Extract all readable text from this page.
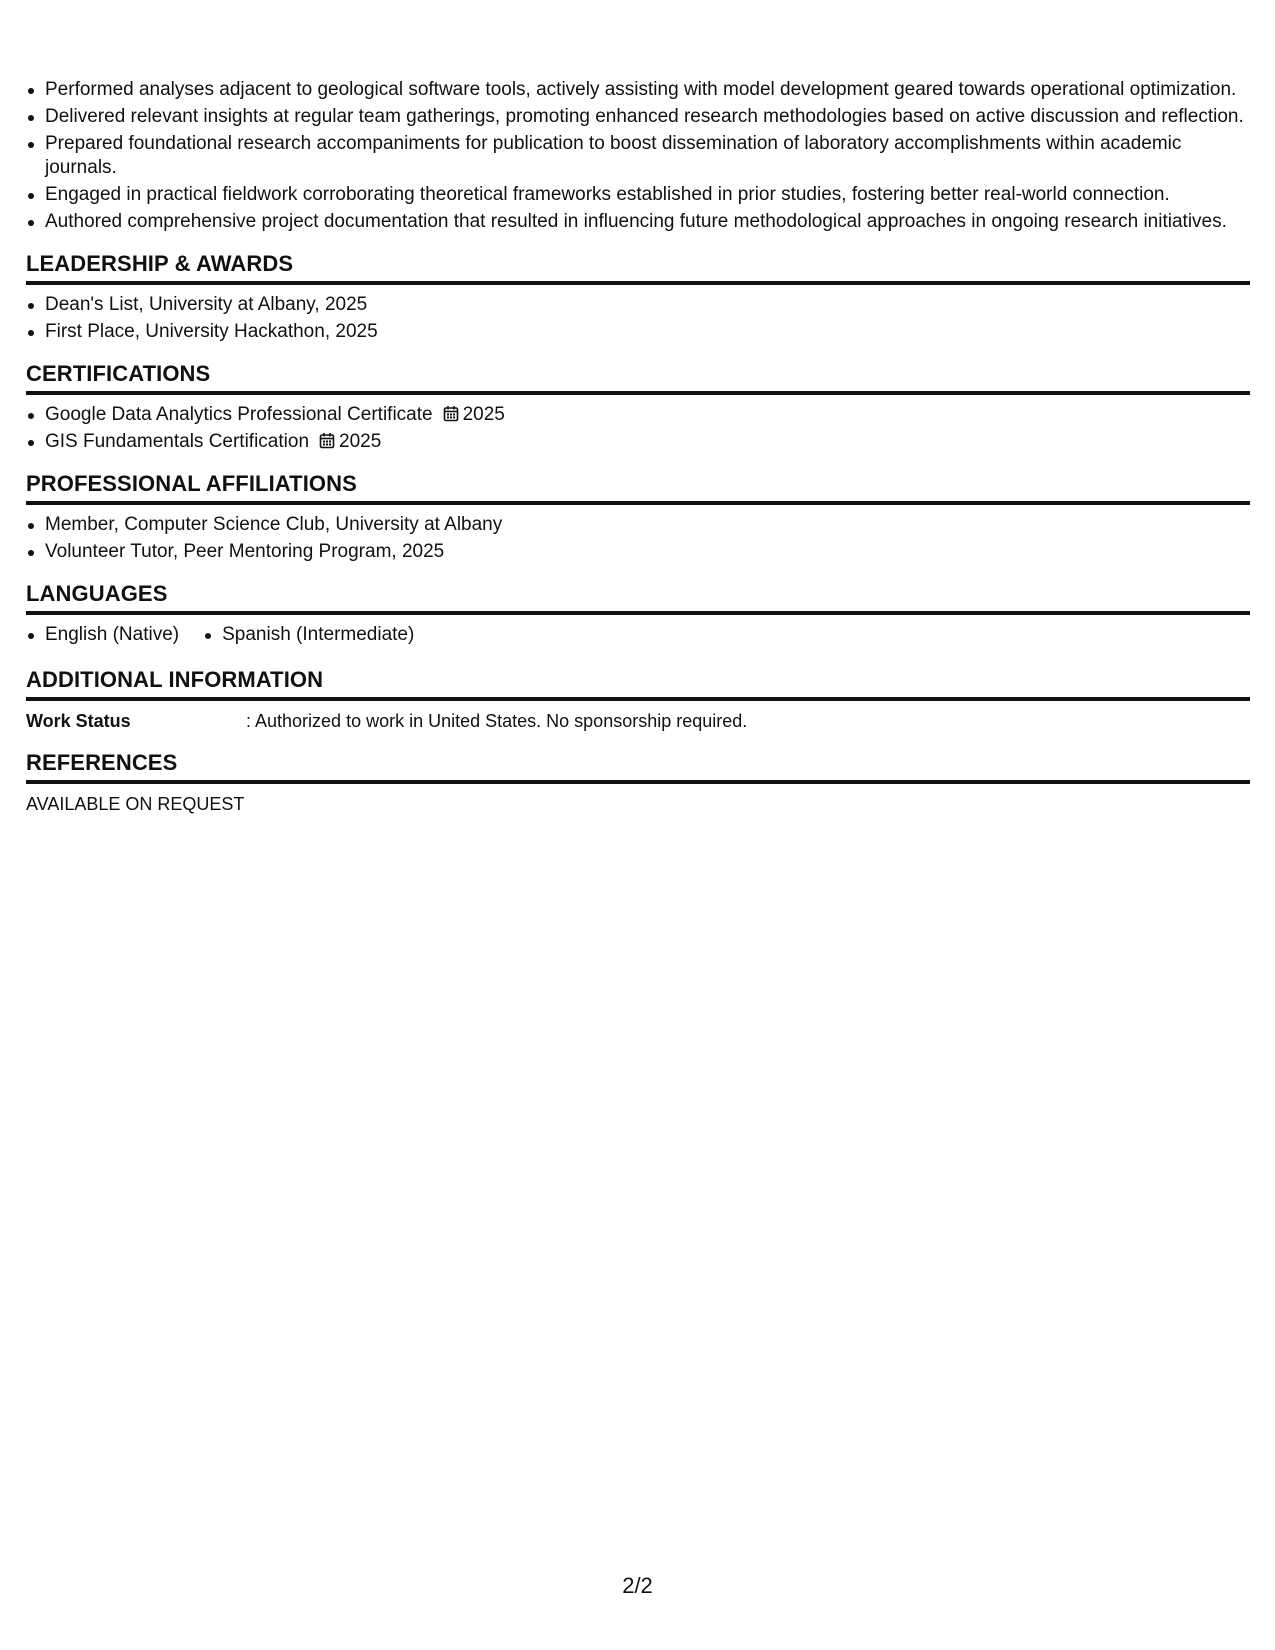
Performed analyses adjacent to geological software tools, actively assisting with model development geared towards operational optimization.
Delivered relevant insights at regular team gatherings, promoting enhanced research methodologies based on active discussion and reflection.
Prepared foundational research accompaniments for publication to boost dissemination of laboratory accomplishments within academic journals.
Engaged in practical fieldwork corroborating theoretical frameworks established in prior studies, fostering better real-world connection.
Authored comprehensive project documentation that resulted in influencing future methodological approaches in ongoing research initiatives.
LEADERSHIP & AWARDS
Dean's List, University at Albany, 2025
First Place, University Hackathon, 2025
CERTIFICATIONS
Google Data Analytics Professional Certificate 2025
GIS Fundamentals Certification 2025
PROFESSIONAL AFFILIATIONS
Member, Computer Science Club, University at Albany
Volunteer Tutor, Peer Mentoring Program, 2025
LANGUAGES
English (Native)	Spanish (Intermediate)
ADDITIONAL INFORMATION
Work Status	: Authorized to work in United States. No sponsorship required.
REFERENCES
AVAILABLE ON REQUEST
2/2
